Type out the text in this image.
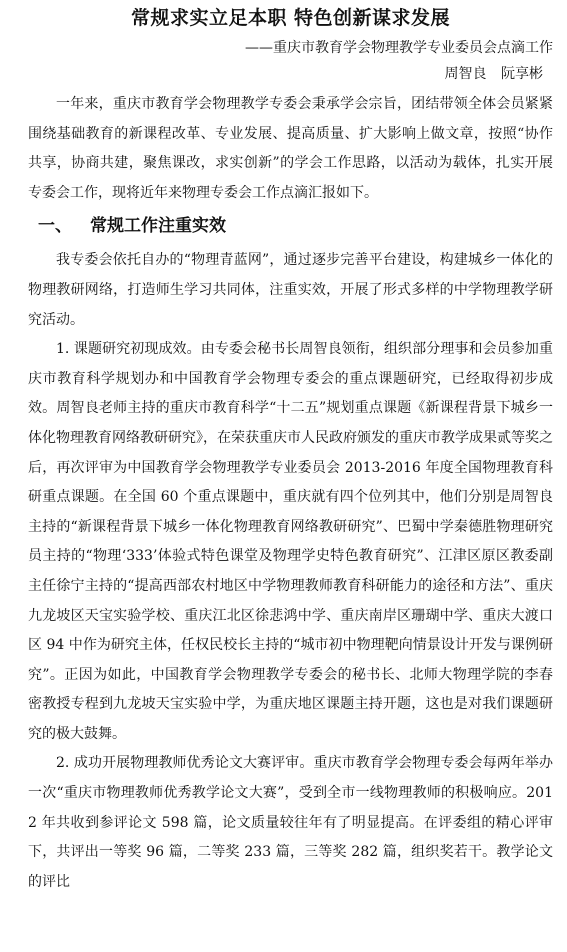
常规求实立足本职 特色创新谋求发展

——重庆市教育学会物理教学专业委员会点滴工作

周智良 阮享彬

一年来，重庆市教育学会物理教学专委会秉承学会宗旨，团结带领全体会员紧紧围绕基础教育的新课程改革、专业发展、提高质量、扩大影响上做文章，按照“协作共享，协商共建，聚焦课改，求实创新”的学会工作思路，以活动为载体，扎实开展专委会工作，现将近年来物理专委会工作点滴汇报如下。

一、 常规工作注重实效

我专委会依托自办的“物理青蓝网”，通过逐步完善平台建设，构建城乡一体化的物理教研网络，打造师生学习共同体，注重实效，开展了形式多样的中学物理教学研究活动。

1. 课题研究初现成效。由专委会秘书长周智良领衔，组织部分理事和会员参加重庆市教育科学规划办和中国教育学会物理专委会的重点课题研究，已经取得初步成效。周智良老师主持的重庆市教育科学“十二五”规划重点课题《新课程背景下城乡一体化物理教育网络教研研究》，在荣获重庆市人民政府颁发的重庆市教学成果贰等奖之后，再次评审为中国教育学会物理教学专业委员会 2013-2016 年度全国物理教育科研重点课题。在全国 60 个重点课题中，重庆就有四个位列其中，他们分别是周智良主持的“新课程背景下城乡一体化物理教育网络教研研究”、巴蜀中学秦德胜物理研究员主持的“物理‘333’体验式特色课堂及物理学史特色教育研究”、江津区原区教委副主任徐宁主持的“提高西部农村地区中学物理教师教育科研能力的途径和方法”、重庆九龙坡区天宝实验学校、重庆江北区徐悲鸿中学、重庆南岸区珊瑚中学、重庆大渡口区 94 中作为研究主体，任权民校长主持的“城市初中物理靶向情景设计开发与课例研究”。正因为如此，中国教育学会物理教学专委会的秘书长、北师大物理学院的李春密教授专程到九龙坡天宝实验中学，为重庆地区课题主持开题，这也是对我们课题研究的极大鼓舞。

2. 成功开展物理教师优秀论文大赛评审。重庆市教育学会物理专委会每两年举办一次“重庆市物理教师优秀教学论文大赛”，受到全市一线物理教师的积极响应。2012 年共收到参评论文 598 篇，论文质量较往年有了明显提高。在评委组的精心评审下，共评出一等奖 96 篇，二等奖 233 篇，三等奖 282 篇，组织奖若干。教学论文的评比
